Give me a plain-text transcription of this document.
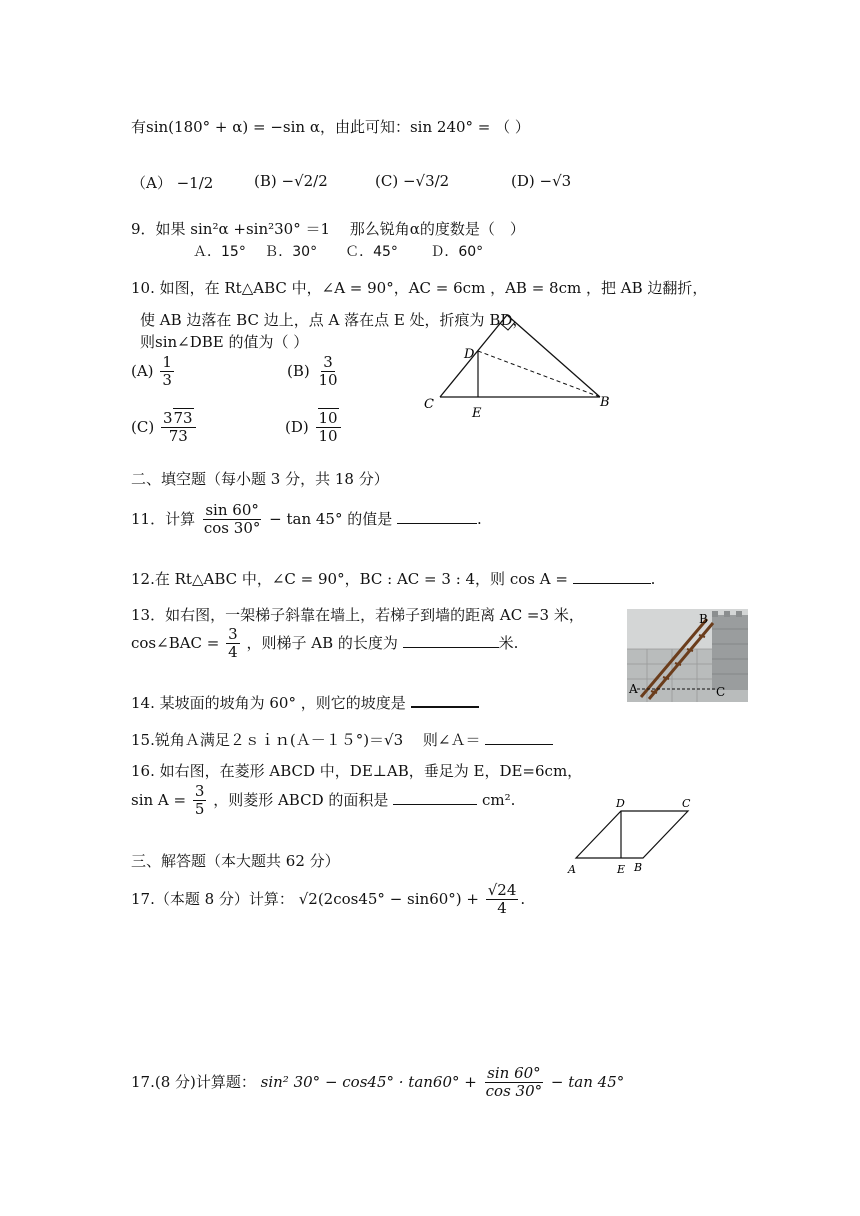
有sin(180° + α) = −sin α，由此可知：sin 240° = （ ）
（A） −1/2	(B) −√2/2	(C) −√3/2	(D) −√3
9．如果 sin²α +sin²30° ＝1　 那么锐角α的度数是（　）
Ａ．15°　 Ｂ．30°　　Ｃ．45°　　 Ｄ．60°
10. 如图，在 Rt△ABC 中，∠A = 90°，AC = 6cm ，AB = 8cm ，把 AB 边翻折，
使 AB 边落在 BC 边上，点 A 落在点 E 处，折痕为 BD，
则sin∠DBE 的值为（ ）
$(A) \frac{1}{3}$	$(B) \frac{3}{10}$
$(C) \frac{373}{73}$	$(D) \frac{10}{10}$
D
C
E
B
二、填空题（每小题 3 分，共 18 分）
11．计算 $\frac{\sin 60^\circ}{\cos 30^\circ} - \tan 45^\circ$ 的值是	.
12.在 Rt△ABC 中，∠C = 90°，BC : AC = 3 : 4，则 cos A =	.
13．如右图，一架梯子斜靠在墙上，若梯子到墙的距离 AC =3 米，
cos∠BAC = $\frac{3}{4}$ ，则梯子 AB 的长度为	米.
B
A	C
14. 某坡面的坡角为 60° ，则它的坡度是
15.锐角Ａ满足２ｓｉｎ(Ａ－１５°)＝√3　 则∠Ａ＝
16. 如右图，在菱形 ABCD 中，DE⊥AB，垂足为 E，DE=6cm，
$\sin A = \frac{3}{5}$ ，则菱形 ABCD 的面积是	cm².	D	C
A	E B
三、解答题（本大题共 62 分）
17.（本题 8 分）计算： $√2(2\cos 45^\circ - \sin 60^\circ) + \frac{√24}{4}$ .
17.(8 分)计算题： sin² $30^\circ - \cos 45^\circ \cdot \tan 60^\circ + \frac{\sin 60^\circ}{\cos 30^\circ} - \tan 45^\circ$
